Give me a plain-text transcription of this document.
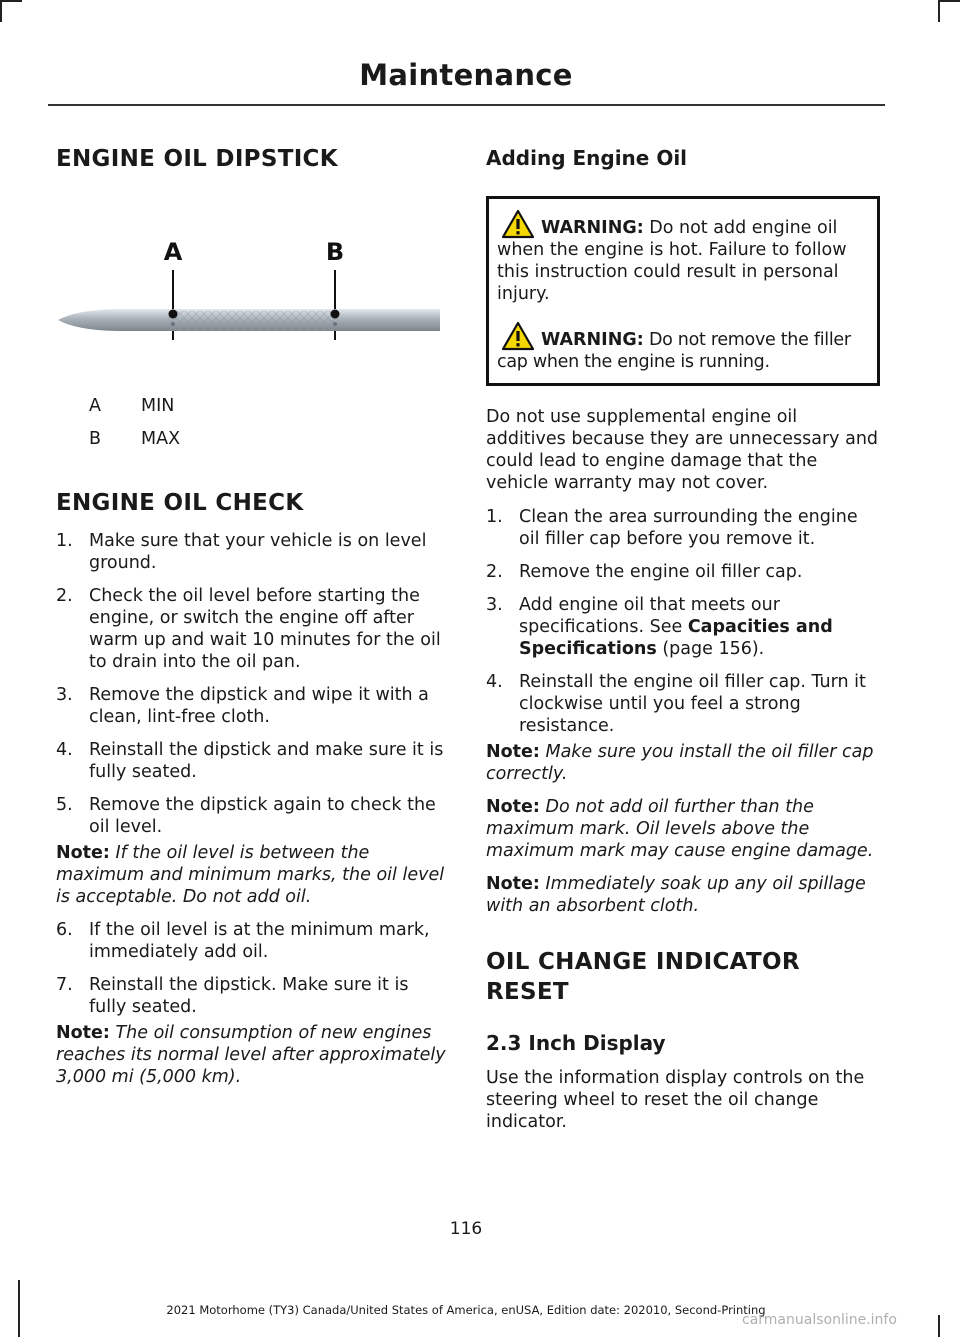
Maintenance
ENGINE OIL DIPSTICK
A	B
A	MIN
B	MAX
ENGINE OIL CHECK
1. Make sure that your vehicle is on level ground.
2. Check the oil level before starting the engine, or switch the engine off after warm up and wait 10 minutes for the oil to drain into the oil pan.
3. Remove the dipstick and wipe it with a clean, lint-free cloth.
4. Reinstall the dipstick and make sure it is fully seated.
5. Remove the dipstick again to check the oil level.

Note: If the oil level is between the maximum and minimum marks, the oil level is acceptable. Do not add oil.

6. If the oil level is at the minimum mark, immediately add oil.
7. Reinstall the dipstick. Make sure it is fully seated.

Note: The oil consumption of new engines reaches its normal level after approximately 3,000 mi (5,000 km).

Adding Engine Oil

WARNING: Do not add engine oil when the engine is hot. Failure to follow this instruction could result in personal injury.

WARNING: Do not remove the filler cap when the engine is running.

Do not use supplemental engine oil additives because they are unnecessary and could lead to engine damage that the vehicle warranty may not cover.

1. Clean the area surrounding the engine oil filler cap before you remove it.
2. Remove the engine oil filler cap.
3. Add engine oil that meets our specifications. See Capacities and Specifications (page 156).
4. Reinstall the engine oil filler cap. Turn it clockwise until you feel a strong resistance.

Note: Make sure you install the oil filler cap correctly.

Note: Do not add oil further than the maximum mark. Oil levels above the maximum mark may cause engine damage.

Note: Immediately soak up any oil spillage with an absorbent cloth.

OIL CHANGE INDICATOR
RESET
2.3 Inch Display

Use the information display controls on the steering wheel to reset the oil change indicator.

116
2021 Motorhome (TY3) Canada/United States of America, enUSA, Edition date: 202010, Second-Printing
carmanualsonline.info
